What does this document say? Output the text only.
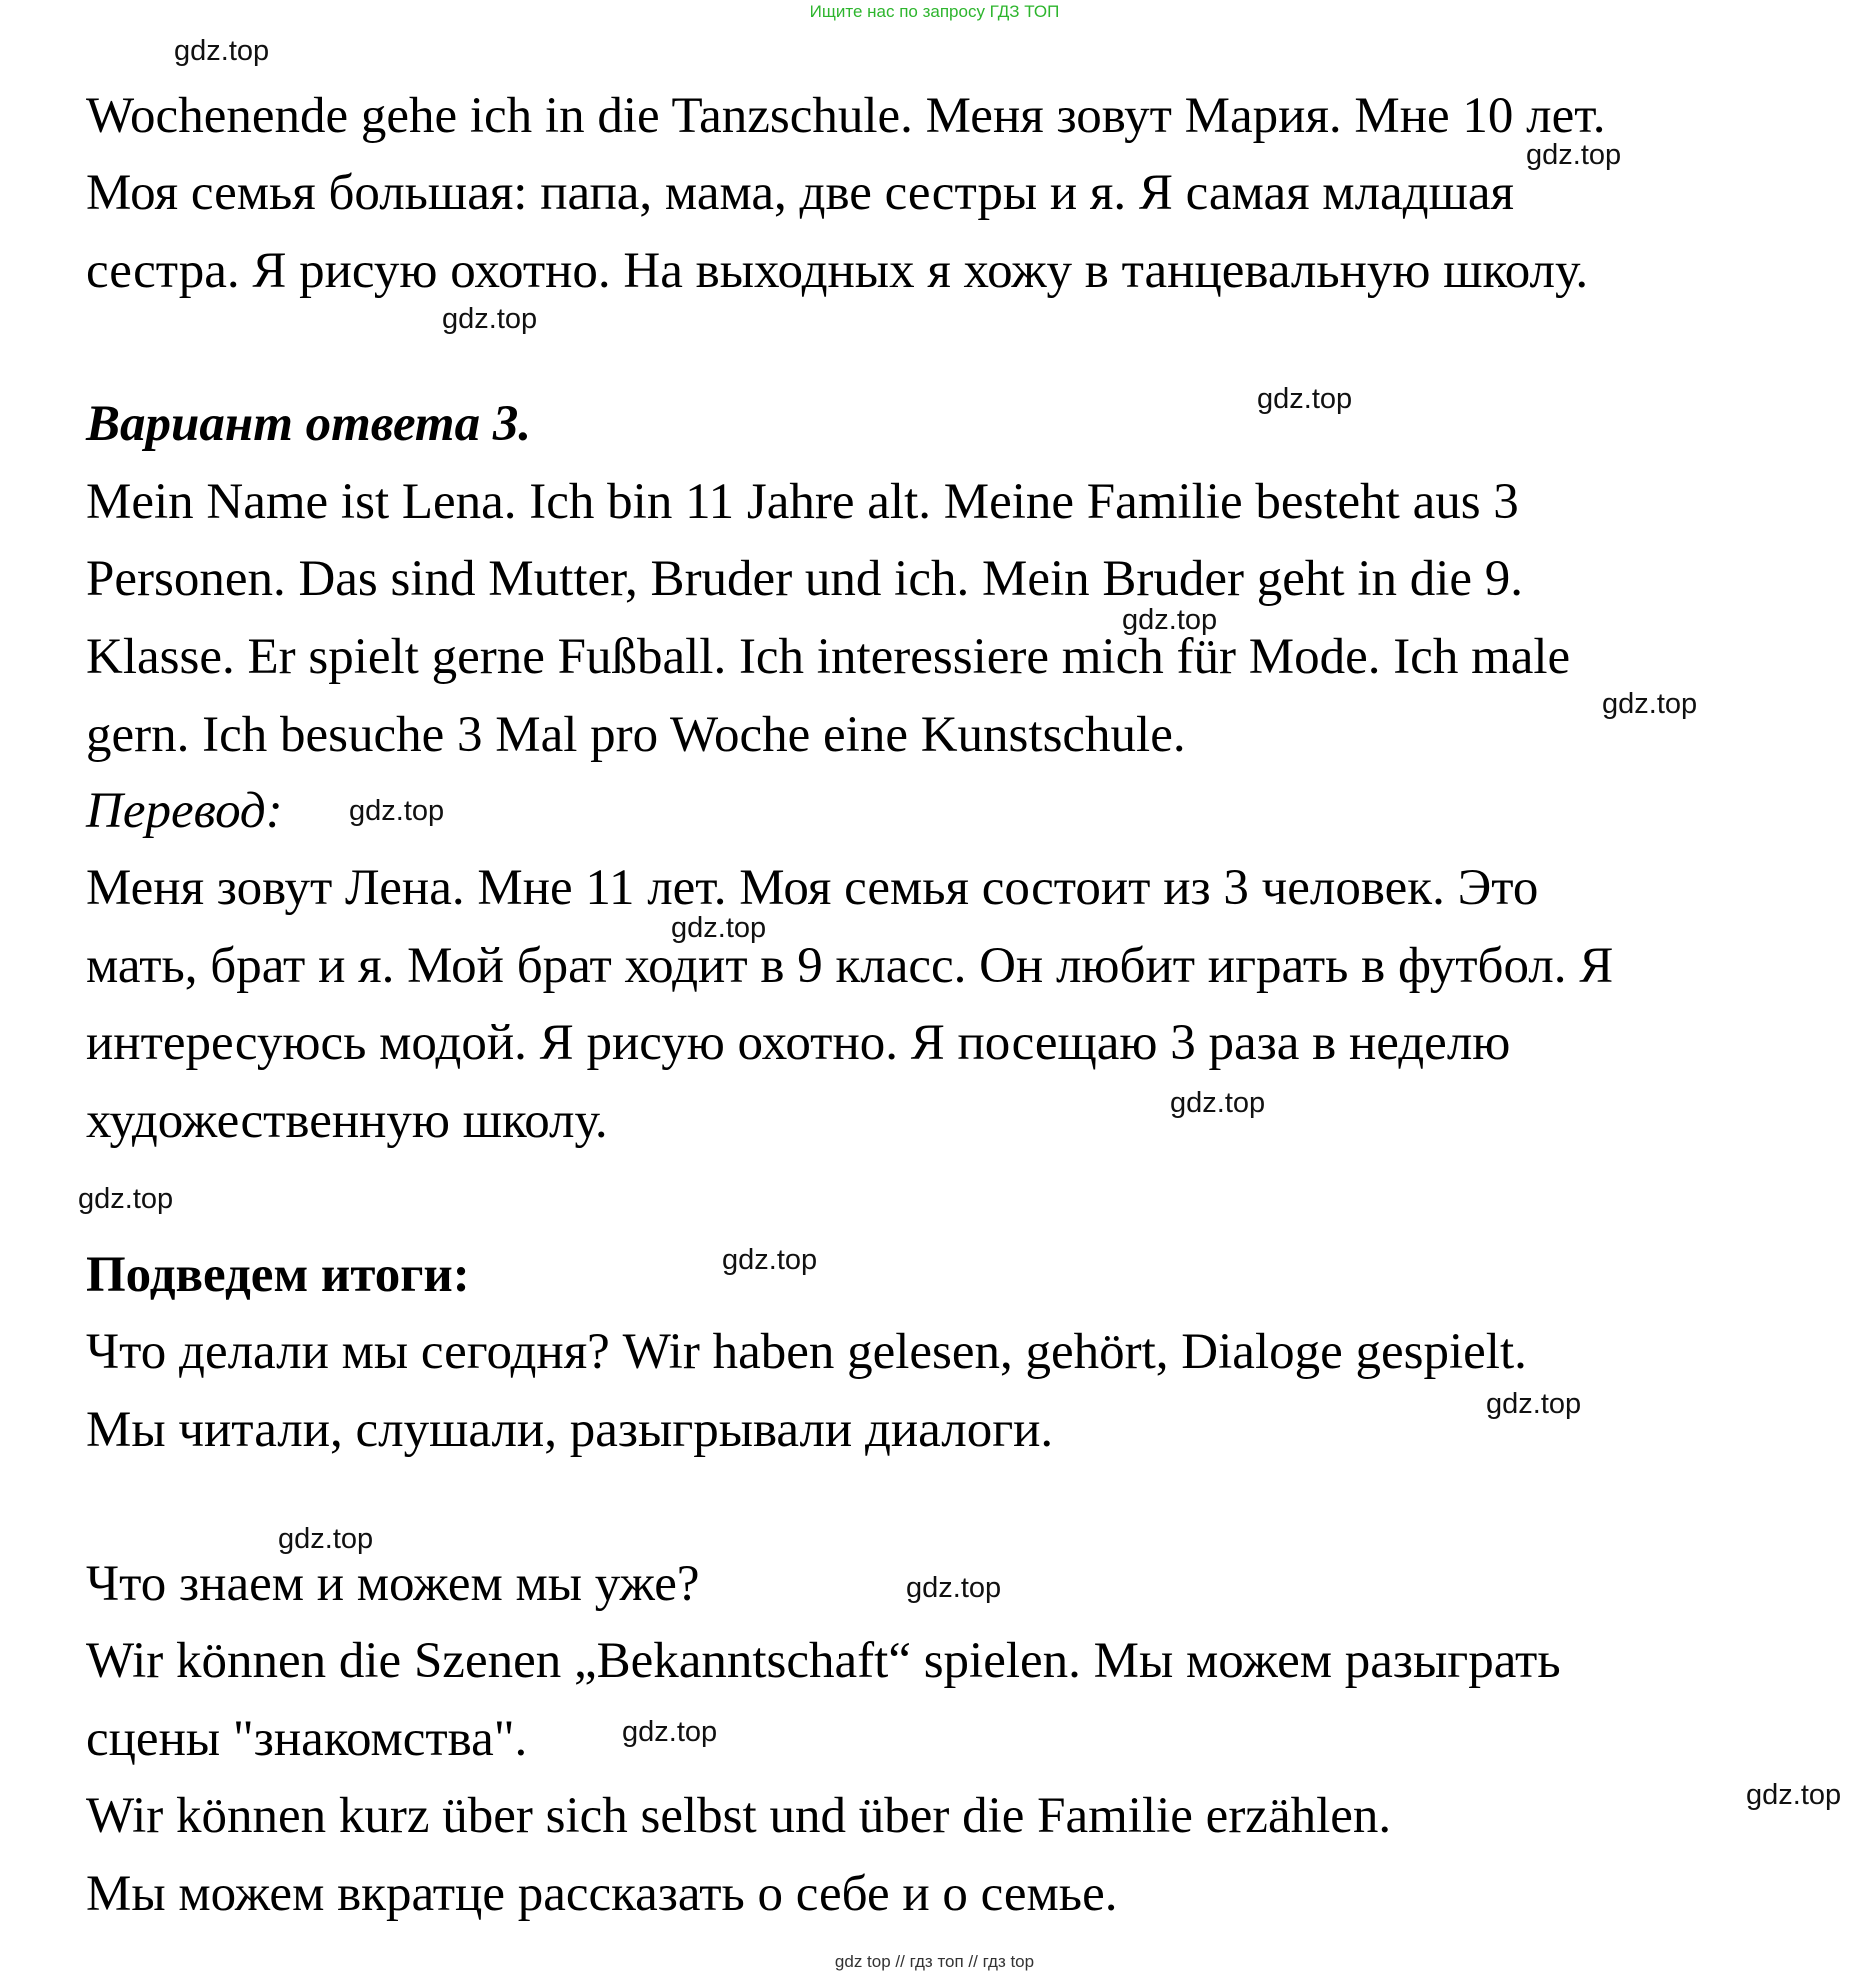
Ищите нас по запросу ГДЗ ТОП

Wochenende gehe ich in die Tanzschule. Меня зовут Мария. Мне 10 лет.

Моя семья большая: папа, мама, две сестры и я. Я самая младшая

сестра. Я рисую охотно. На выходных я хожу в танцевальную школу.

Вариант ответа 3.

Mein Name ist Lena. Ich bin 11 Jahre alt. Meine Familie besteht aus 3

Personen. Das sind Mutter, Bruder und ich. Mein Bruder geht in die 9.

Klasse. Er spielt gerne Fußball. Ich interessiere mich für Mode. Ich male

gern. Ich besuche 3 Mal pro Woche eine Kunstschule.

Перевод:

Меня зовут Лена. Мне 11 лет. Моя семья состоит из 3 человек. Это

мать, брат и я. Мой брат ходит в 9 класс. Он любит играть в футбол. Я

интересуюсь модой. Я рисую охотно. Я посещаю 3 раза в неделю

художественную школу.

Подведем итоги:

Что делали мы сегодня? Wir haben gelesen, gehört, Dialoge gespielt.

Мы читали, слушали, разыгрывали диалоги.

Что знаем и можем мы уже?

Wir können die Szenen „Bekanntschaft“ spielen. Мы можем разыграть

сцены "знакомства".

Wir können kurz über sich selbst und über die Familie erzählen.

Мы можем вкратце рассказать о себе и о семье.

gdz.top
gdz.top
gdz.top
gdz.top
gdz.top
gdz.top
gdz.top
gdz.top
gdz.top
gdz.top
gdz.top
gdz.top
gdz.top
gdz.top
gdz.top
gdz.top
gdz top // гдз топ // гдз top
